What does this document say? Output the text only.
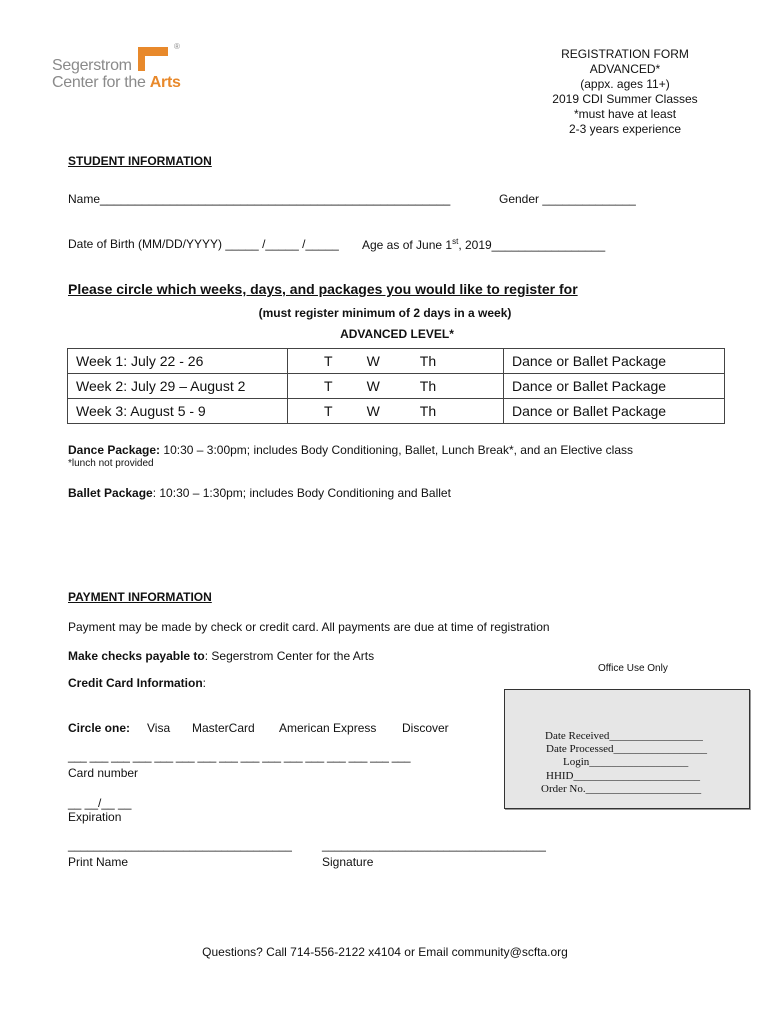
Segerstrom
Center for the Arts
®
REGISTRATION FORM
ADVANCED*
(appx. ages 11+)
2019 CDI Summer Classes
*must have at least
2-3 years experience
STUDENT INFORMATION
Name__________________________________________________	Gender ______________
Date of Birth (MM/DD/YYYY) _____ /_____ /_____ Age as of June 1st, 2019_________________
Please circle which weeks, days, and packages you would like to register for
(must register minimum of 2 days in a week)
ADVANCED LEVEL*
Week 1: July 22 - 26	T W Th	Dance or Ballet Package
Week 2: July 29 – August 2	T W Th	Dance or Ballet Package
Week 3: August 5 - 9	T W Th	Dance or Ballet Package
Dance Package: 10:30 – 3:00pm; includes Body Conditioning, Ballet, Lunch Break*, and an Elective class
*lunch not provided
Ballet Package: 10:30 – 1:30pm; includes Body Conditioning and Ballet
PAYMENT INFORMATION
Payment may be made by check or credit card. All payments are due at time of registration
Make checks payable to: Segerstrom Center for the Arts
Office Use Only
Credit Card Information:
Circle one: Visa MasterCard American Express Discover
___ ___ ___ ___ ___ ___ ___ ___ ___ ___ ___ ___ ___ ___ ___ ___
Card number
__ __/__ __
Expiration
___________________________________
Print Name
___________________________________
Signature
Date Received_________________
Date Processed_________________
Login__________________
HHID_______________________
Order No._____________________
Questions? Call 714-556-2122 x4104 or Email community@scfta.org
